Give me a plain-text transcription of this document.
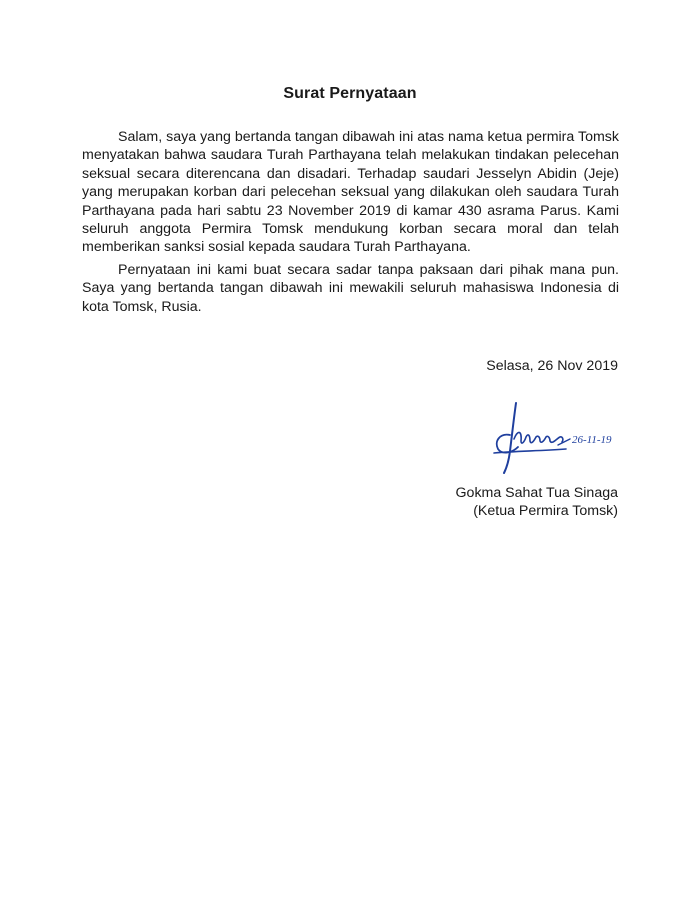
Surat Pernyataan

Salam, saya yang bertanda tangan dibawah ini atas nama ketua permira Tomsk menyatakan bahwa saudara Turah Parthayana telah melakukan tindakan pelecehan seksual secara diterencana dan disadari. Terhadap saudari Jesselyn Abidin (Jeje) yang merupakan korban dari pelecehan seksual yang dilakukan oleh saudara Turah Parthayana pada hari sabtu 23 November 2019 di kamar 430 asrama Parus. Kami seluruh anggota Permira Tomsk mendukung korban secara moral dan telah memberikan sanksi sosial kepada saudara Turah Parthayana.

Pernyataan ini kami buat secara sadar tanpa paksaan dari pihak mana pun. Saya yang bertanda tangan dibawah ini mewakili seluruh mahasiswa Indonesia di kota Tomsk, Rusia.

Selasa, 26 Nov 2019
26-11-19
Gokma Sahat Tua Sinaga
(Ketua Permira Tomsk)
